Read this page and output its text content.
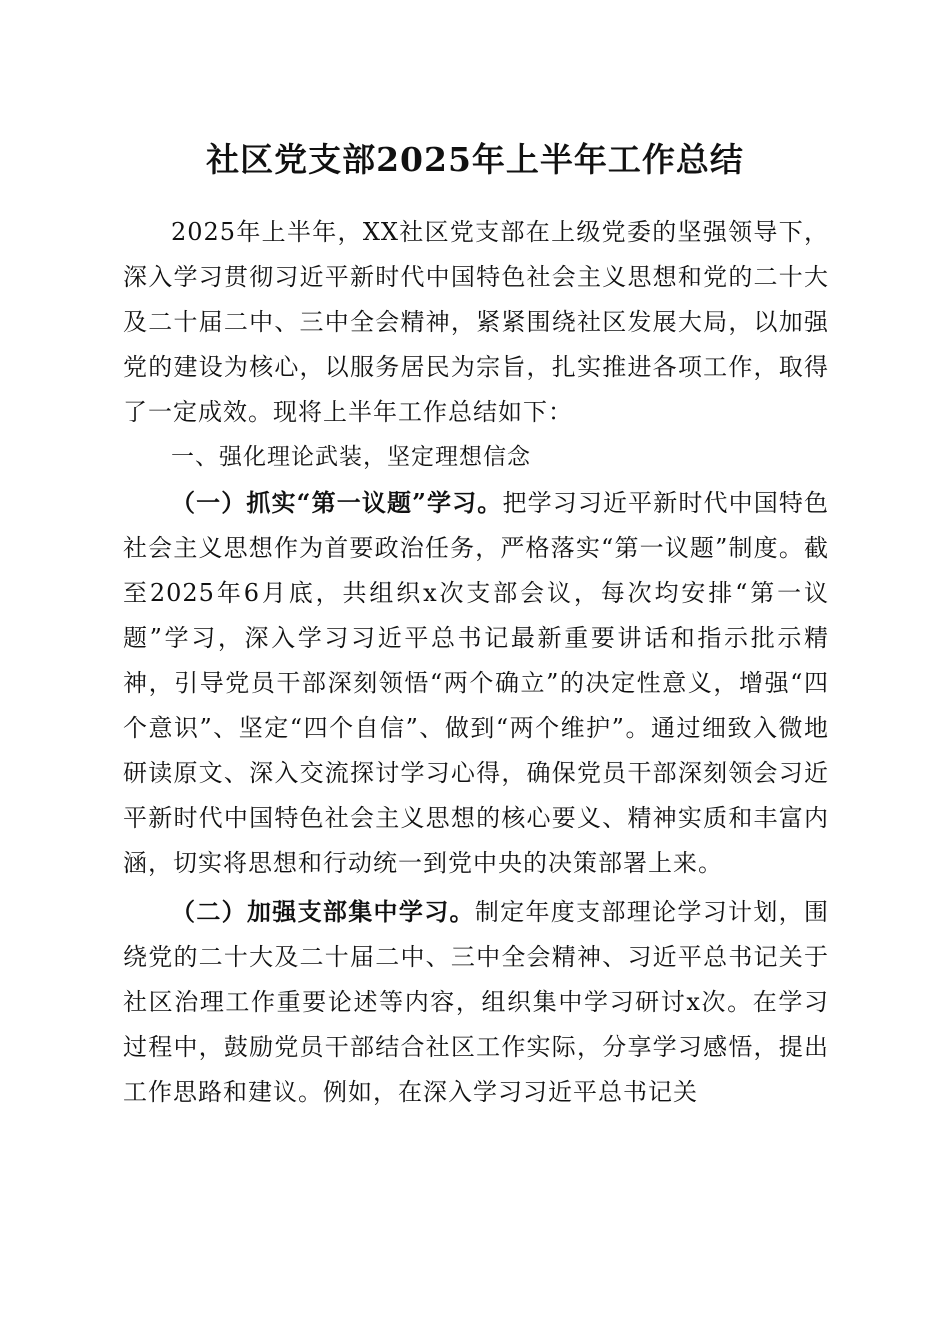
社区党支部2025年上半年工作总结

2025年上半年，XX社区党支部在上级党委的坚强领导下，深入学习贯彻习近平新时代中国特色社会主义思想和党的二十大及二十届二中、三中全会精神，紧紧围绕社区发展大局，以加强党的建设为核心，以服务居民为宗旨，扎实推进各项工作，取得了一定成效。现将上半年工作总结如下：

一、强化理论武装，坚定理想信念

（一）抓实“第一议题”学习。把学习习近平新时代中国特色社会主义思想作为首要政治任务，严格落实“第一议题”制度。截至2025年6月底，共组织x次支部会议，每次均安排“第一议题”学习，深入学习习近平总书记最新重要讲话和指示批示精神，引导党员干部深刻领悟“两个确立”的决定性意义，增强“四个意识”、坚定“四个自信”、做到“两个维护”。通过细致入微地研读原文、深入交流探讨学习心得，确保党员干部深刻领会习近平新时代中国特色社会主义思想的核心要义、精神实质和丰富内涵，切实将思想和行动统一到党中央的决策部署上来。

（二）加强支部集中学习。制定年度支部理论学习计划，围绕党的二十大及二十届二中、三中全会精神、习近平总书记关于社区治理工作重要论述等内容，组织集中学习研讨x次。在学习过程中，鼓励党员干部结合社区工作实际，分享学习感悟，提出工作思路和建议。例如，在深入学习习近平总书记关
